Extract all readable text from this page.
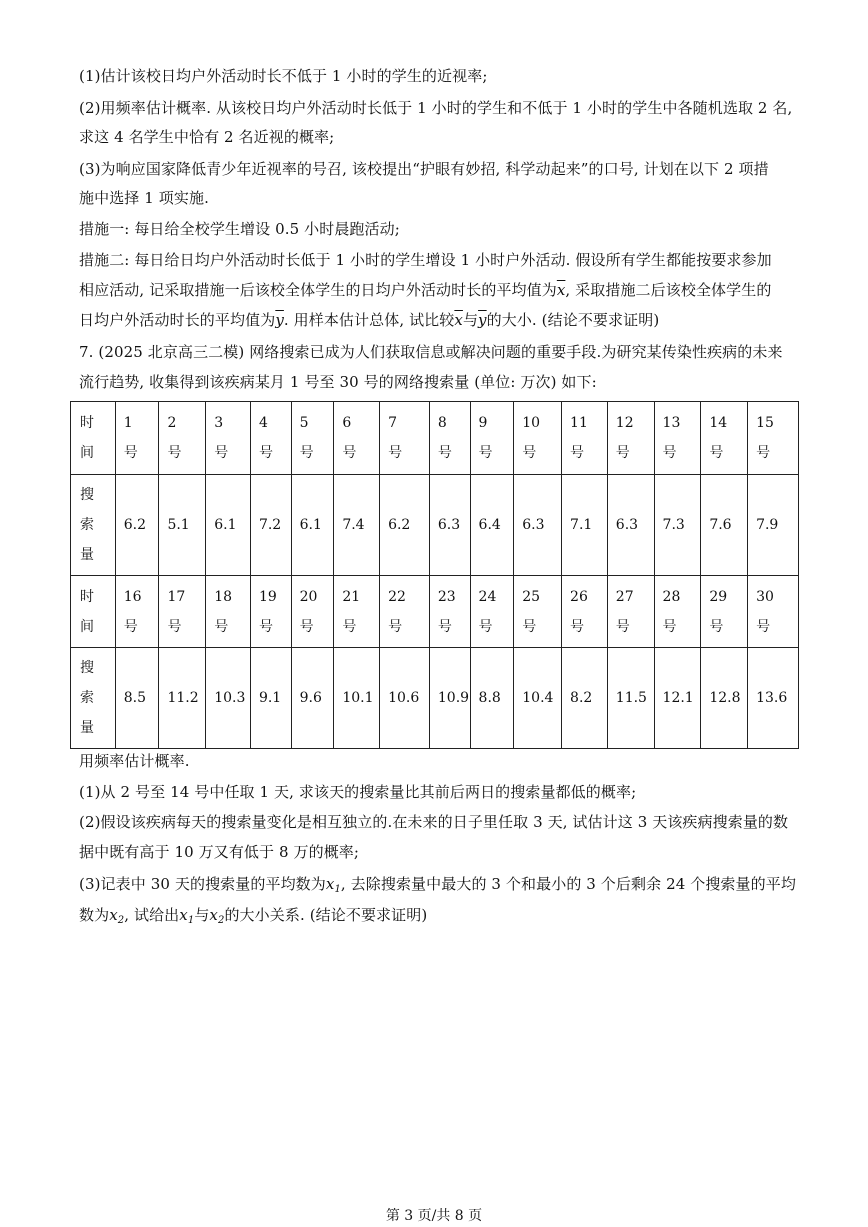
(1)估计该校日均户外活动时长不低于 1 小时的学生的近视率;
(2)用频率估计概率. 从该校日均户外活动时长低于 1 小时的学生和不低于 1 小时的学生中各随机选取 2 名,
求这 4 名学生中恰有 2 名近视的概率;
(3)为响应国家降低青少年近视率的号召, 该校提出“护眼有妙招, 科学动起来”的口号, 计划在以下 2 项措
施中选择 1 项实施.
措施一: 每日给全校学生增设 0.5 小时晨跑活动;
措施二: 每日给日均户外活动时长低于 1 小时的学生增设 1 小时户外活动. 假设所有学生都能按要求参加
相应活动, 记采取措施一后该校全体学生的日均户外活动时长的平均值为$\overline{x}$, 采取措施二后该校全体学生的
日均户外活动时长的平均值为$\overline{y}$. 用样本估计总体, 试比较$\overline{x}$与$\overline{y}$的大小. (结论不要求证明)
7. (2025 北京高三二模) 网络搜索已成为人们获取信息或解决问题的重要手段.为研究某传染性疾病的未来
流行趋势, 收集得到该疾病某月 1 号至 30 号的网络搜索量 (单位: 万次) 如下:
时间	1号	2号	3号	4号	5号	6号	7号	8号	9号	10号	11号	12号	13号	14号	15号

搜索量	6.2	5.1	6.1	7.2	6.1	7.4	6.2	6.3	6.4	6.3	7.1	6.3	7.3	7.6	7.9

时间	16号	17号	18号	19号	20号	21号	22号	23号	24号	25号	26号	27号	28号	29号	30号

搜索量	8.5	11.2	10.3	9.1	9.6	10.1	10.6	10.9	8.8	10.4	8.2	11.5	12.1	12.8	13.6
用频率估计概率.
(1)从 2 号至 14 号中任取 1 天, 求该天的搜索量比其前后两日的搜索量都低的概率;
(2)假设该疾病每天的搜索量变化是相互独立的.在未来的日子里任取 3 天, 试估计这 3 天该疾病搜索量的数
据中既有高于 10 万又有低于 8 万的概率;
(3)记表中 30 天的搜索量的平均数为$x_1$, 去除搜索量中最大的 3 个和最小的 3 个后剩余 24 个搜索量的平均
数为$x_2$, 试给出$x_1$与$x_2$的大小关系. (结论不要求证明)
第 3 页/共 8 页
